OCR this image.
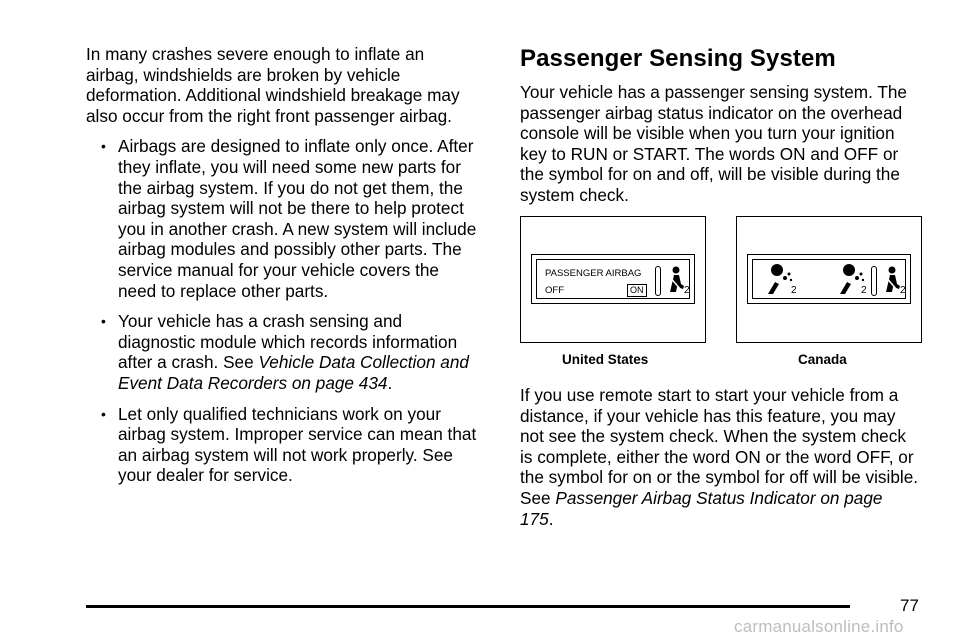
In many crashes severe enough to inflate an airbag, windshields are broken by vehicle deformation. Additional windshield breakage may also occur from the right front passenger airbag.

• Airbags are designed to inflate only once. After they inflate, you will need some new parts for the airbag system. If you do not get them, the airbag system will not be there to help protect you in another crash. A new system will include airbag modules and possibly other parts. The service manual for your vehicle covers the need to replace other parts.
• Your vehicle has a crash sensing and diagnostic module which records information after a crash. See Vehicle Data Collection and Event Data Recorders on page 434.
• Let only qualified technicians work on your airbag system. Improper service can mean that an airbag system will not work properly. See your dealer for service.
Passenger Sensing System

Your vehicle has a passenger sensing system. The passenger airbag status indicator on the overhead console will be visible when you turn your ignition key to RUN or START. The words ON and OFF or the symbol for on and off, will be visible during the system check.

PASSENGER AIRBAG
OFF	ON	2
United States
2	2	2
Canada

If you use remote start to start your vehicle from a distance, if your vehicle has this feature, you may not see the system check. When the system check is complete, either the word ON or the word OFF, or the symbol for on or the symbol for off will be visible. See Passenger Airbag Status Indicator on page 175.

77
carmanualsonline.info
